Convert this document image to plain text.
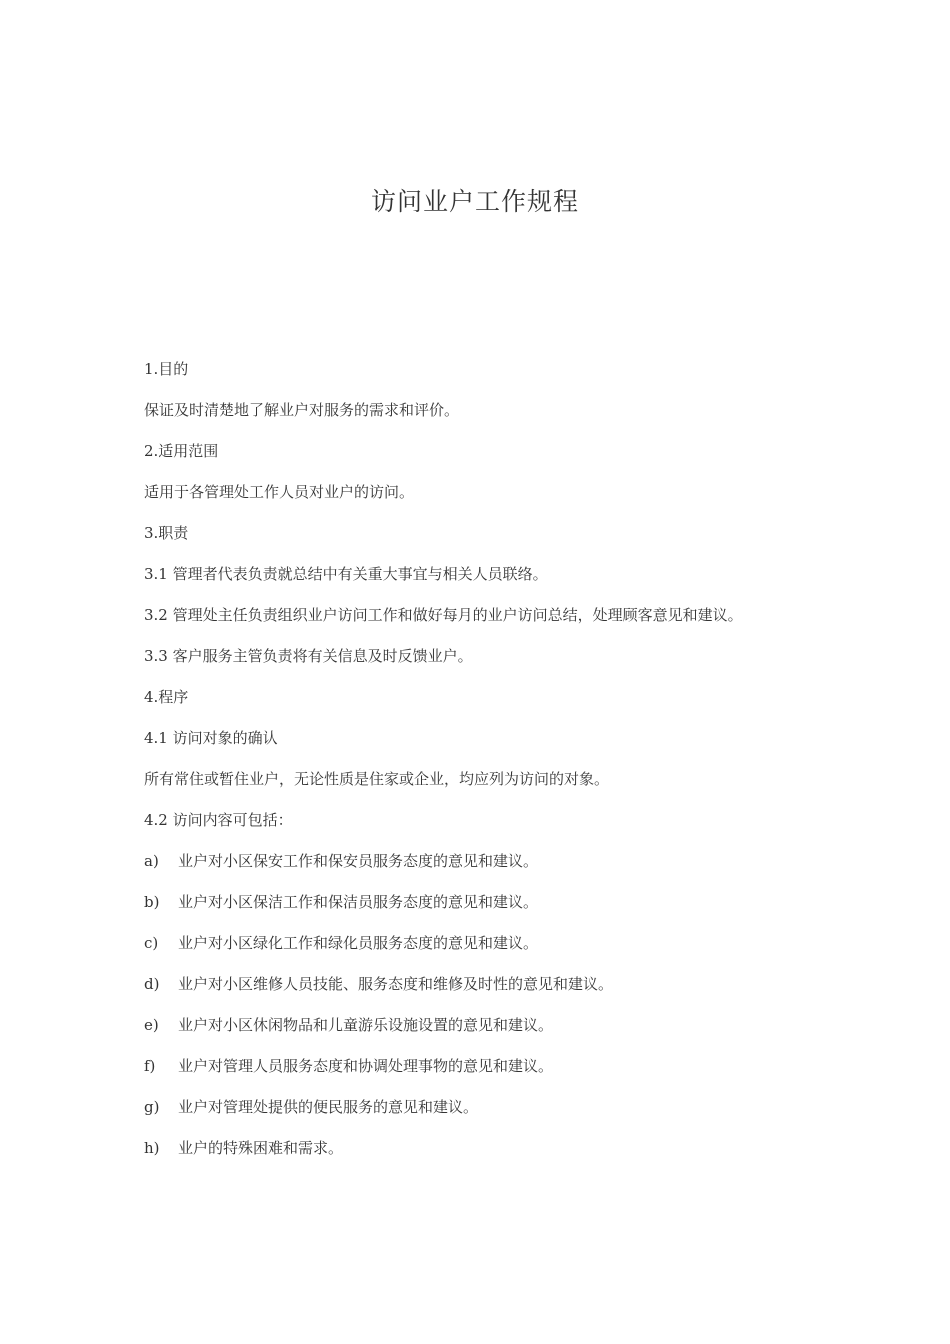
访问业户工作规程
1.目的
保证及时清楚地了解业户对服务的需求和评价。
2.适用范围
适用于各管理处工作人员对业户的访问。
3.职责
3.1 管理者代表负责就总结中有关重大事宜与相关人员联络。
3.2 管理处主任负责组织业户访问工作和做好每月的业户访问总结，处理顾客意见和建议。
3.3 客户服务主管负责将有关信息及时反馈业户。
4.程序
4.1 访问对象的确认
所有常住或暂住业户，无论性质是住家或企业，均应列为访问的对象。
4.2 访问内容可包括：
a)	业户对小区保安工作和保安员服务态度的意见和建议。
b)	业户对小区保洁工作和保洁员服务态度的意见和建议。
c)	业户对小区绿化工作和绿化员服务态度的意见和建议。
d)	业户对小区维修人员技能、服务态度和维修及时性的意见和建议。
e)	业户对小区休闲物品和儿童游乐设施设置的意见和建议。
f)	业户对管理人员服务态度和协调处理事物的意见和建议。
g)	业户对管理处提供的便民服务的意见和建议。
h)	业户的特殊困难和需求。
